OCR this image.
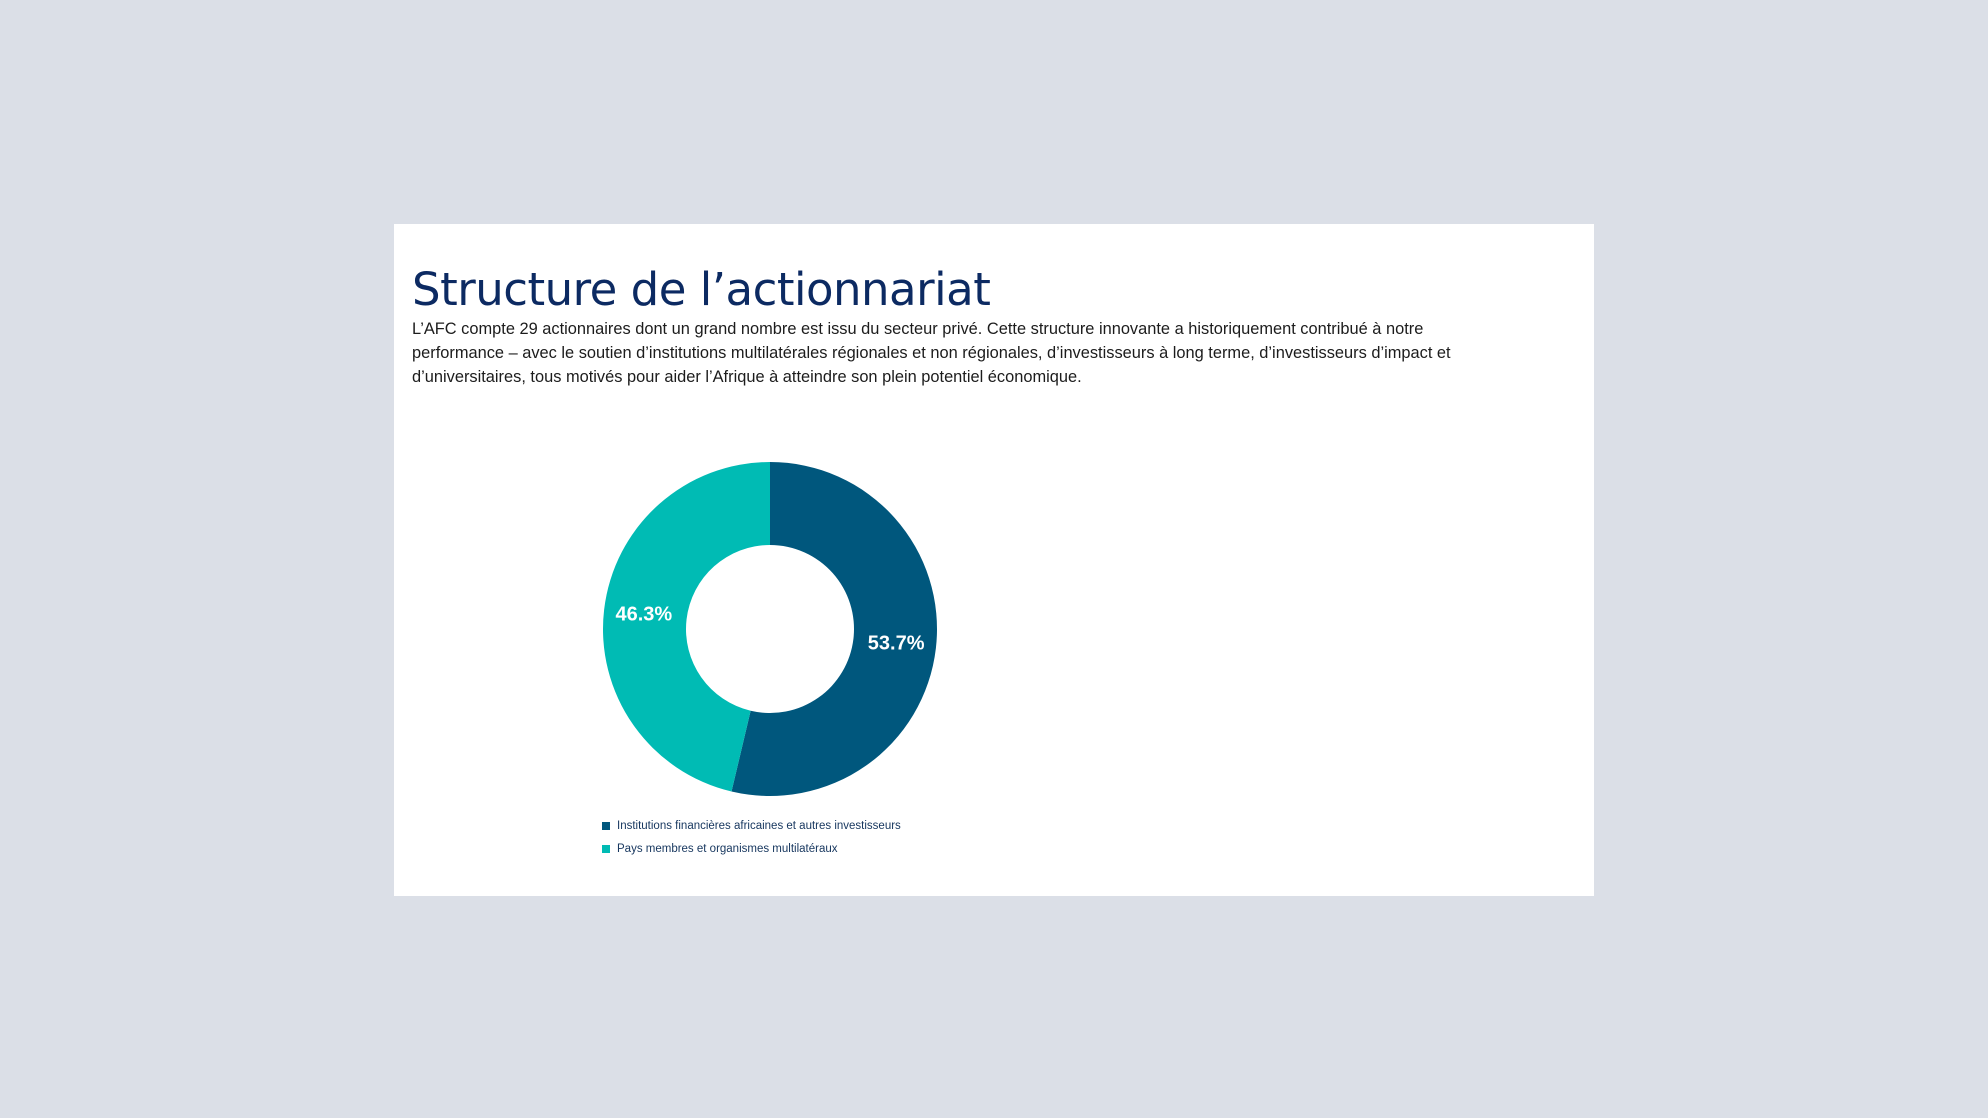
Structure de l’actionnariat

L’AFC compte 29 actionnaires dont un grand nombre est issu du secteur privé. Cette structure innovante a historiquement contribué à notre performance – avec le soutien d’institutions multilatérales régionales et non régionales, d’investisseurs à long terme, d’investisseurs d’impact et d’universitaires, tous motivés pour aider l’Afrique à atteindre son plein potentiel économique.

53.7%
46.3%
Institutions financières africaines et autres investisseurs
Pays membres et organismes multilatéraux
